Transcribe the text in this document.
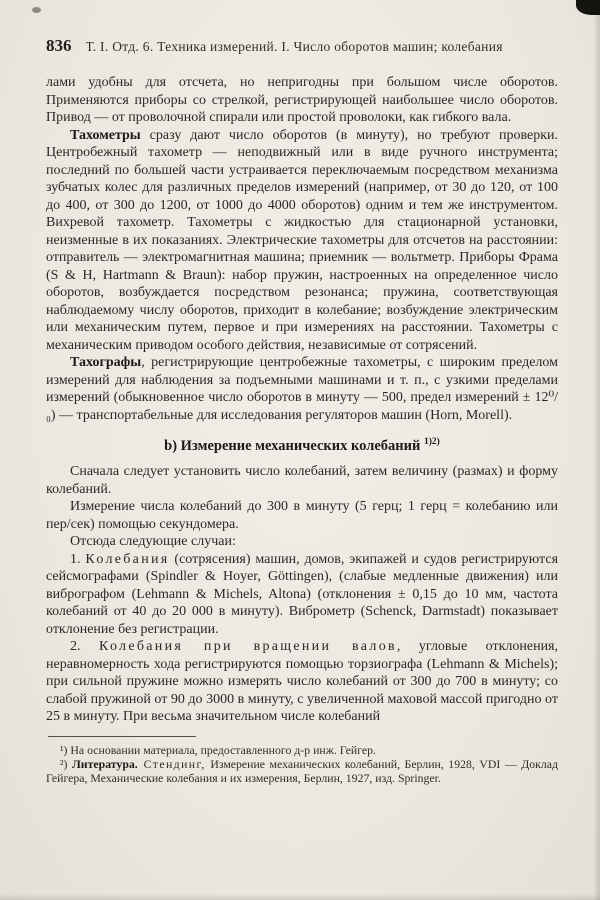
836 Т. I. Отд. 6. Техника измерений. I. Число оборотов машин; колебания

лами удобны для отсчета, но непригодны при большом числе оборотов. Применяются приборы со стрелкой, регистрирующей наибольшее число оборотов. Привод — от проволочной спирали или простой проволоки, как гибкого вала.

Тахометры сразу дают число оборотов (в минуту), но требуют проверки. Центробежный тахометр — неподвижный или в виде ручного инструмента; последний по большей части устраивается переключаемым посредством механизма зубчатых колес для различных пределов измерений (например, от 30 до 120, от 100 до 400, от 300 до 1200, от 1000 до 4000 оборотов) одним и тем же инструментом. Вихревой тахометр. Тахометры с жидкостью для стационарной установки, неизменные в их показаниях. Электрические тахометры для отсчетов на расстоянии: отправитель — электромагнитная машина; приемник — вольтметр. Приборы Фрама (S & H, Hartmann & Braun): набор пружин, настроенных на определенное число оборотов, возбуждается посредством резонанса; пружина, соответствующая наблюдаемому числу оборотов, приходит в колебание; возбуждение электрическим или механическим путем, первое и при измерениях на расстоянии. Тахометры с механическим приводом особого действия, независимые от сотрясений.

Тахографы, регистрирующие центробежные тахометры, с широким пределом измерений для наблюдения за подъемными машинами и т. п., с узкими пределами измерений (обыкновенное число оборотов в минуту — 500, предел измерений ± 12⁰/₀) — транспортабельные для исследования регуляторов машин (Horn, Morell).

b) Измерение механических колебаний $^{1)2)}$

Сначала следует установить число колебаний, затем величину (размах) и форму колебаний.

Измерение числа колебаний до 300 в минуту (5 герц; 1 герц = колебанию или пер/сек) помощью секундомера.

Отсюда следующие случаи:

1. Колебания (сотрясения) машин, домов, экипажей и судов регистрируются сейсмографами (Spindler & Hoyer, Göttingen), (слабые медленные движения) или вибрографом (Lehmann & Michels, Altona) (отклонения ± 0,15 до 10 мм, частота колебаний от 40 до 20 000 в минуту). Виброметр (Schenck, Darmstadt) показывает отклонение без регистрации.

2. Колебания при вращении валов, угловые отклонения, неравномерность хода регистрируются помощью торзиографа (Lehmann & Michels); при сильной пружине можно измерять число колебаний от 300 до 700 в минуту; со слабой пружиной от 90 до 3000 в минуту, с увеличенной маховой массой пригодно от 25 в минуту. При весьма значительном числе колебаний

¹) На основании материала, предоставленного д-р инж. Гейгер.

²) Литература. Стендинг, Измерение механических колебаний, Берлин, 1928, VDI — Доклад Гейгера, Механические колебания и их измерения, Берлин, 1927, изд. Springer.
